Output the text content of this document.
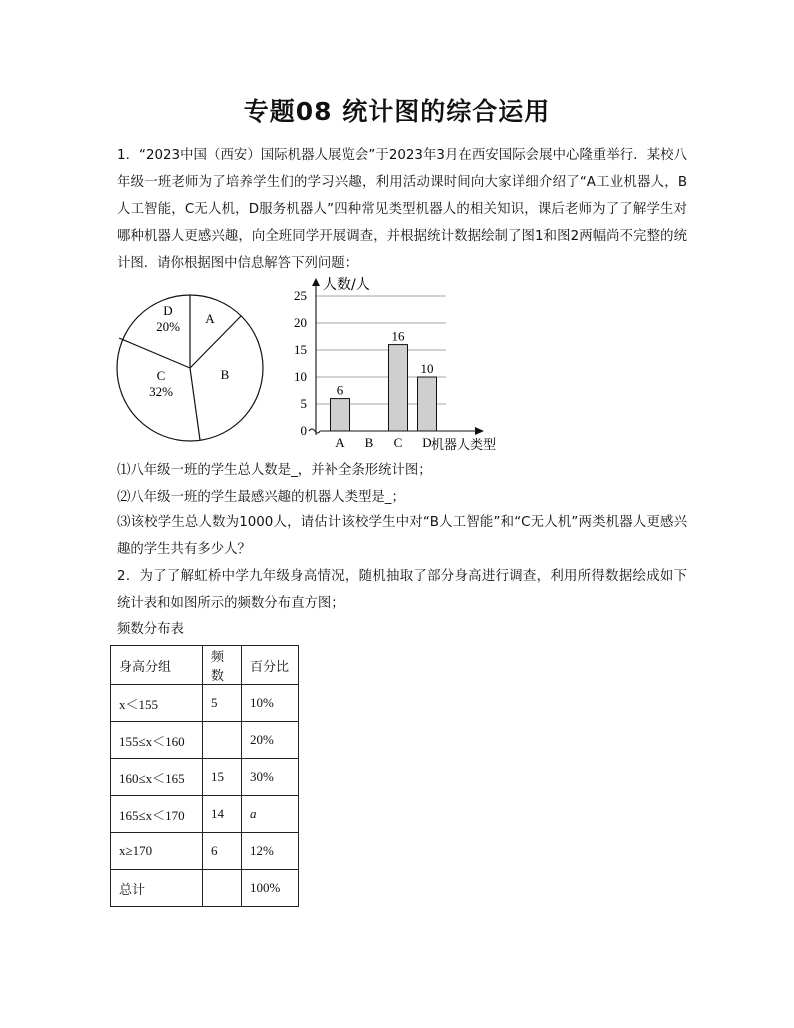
专题08 统计图的综合运用
1．“2023中国（西安）国际机器人展览会”于2023年3月在西安国际会展中心隆重举行．某校八年级一班老师为了培养学生们的学习兴趣，利用活动课时间向大家详细介绍了“A工业机器人，B人工智能，C无人机，D服务机器人”四种常见类型机器人的相关知识，课后老师为了了解学生对哪种机器人更感兴趣，向全班同学开展调查，并根据统计数据绘制了图1和图2两幅尚不完整的统计图．请你根据图中信息解答下列问题：
D
20%
A
B
C
32%
0
5
10
15
20
25
人数/人
机器人类型
A
6
B C
16
D
10
⑴八年级一班的学生总人数是_，并补全条形统计图；
⑵八年级一班的学生最感兴趣的机器人类型是_；
⑶该校学生总人数为1000人，请估计该校学生中对“B人工智能”和“C无人机”两类机器人更感兴趣的学生共有多少人？
2．为了了解虹桥中学九年级身高情况，随机抽取了部分身高进行调查，利用所得数据绘成如下统计表和如图所示的频数分布直方图；
频数分布表
身高分组	频数	百分比
x＜155	5	10%
155≤x＜160		20%
160≤x＜165	15	30%
165≤x＜170	14	a
x≥170	6	12%
总计		100%
